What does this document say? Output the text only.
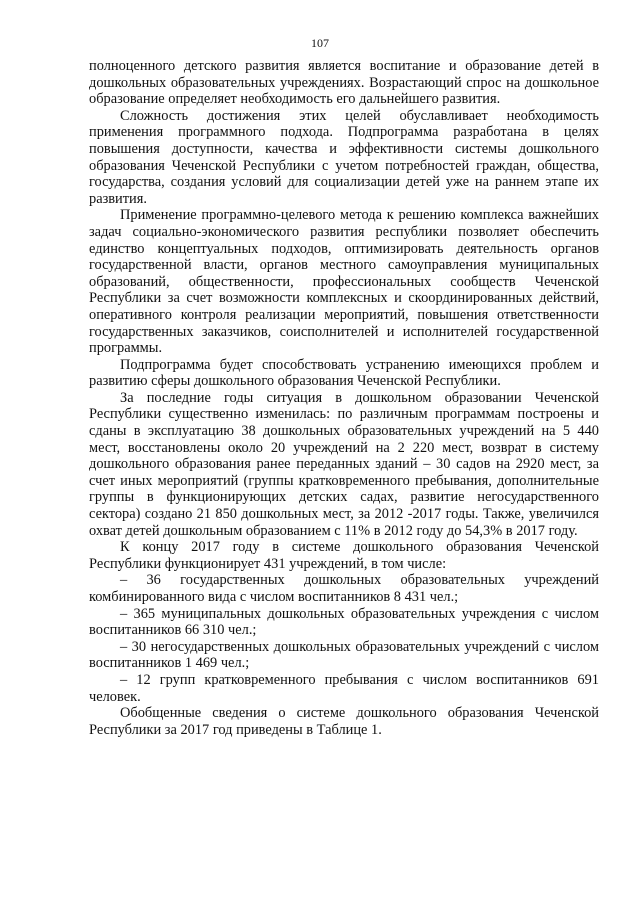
107

полноценного детского развития является воспитание и образование детей в дошкольных образовательных учреждениях. Возрастающий спрос на дошкольное образование определяет необходимость его дальнейшего развития.

Сложность достижения этих целей обуславливает необходимость применения программного подхода. Подпрограмма разработана в целях повышения доступности, качества и эффективности системы дошкольного образования Чеченской Республики с учетом потребностей граждан, общества, государства, создания условий для социализации детей уже на раннем этапе их развития.

Применение программно-целевого метода к решению комплекса важнейших задач социально-экономического развития республики позволяет обеспечить единство концептуальных подходов, оптимизировать деятельность органов государственной власти, органов местного самоуправления муниципальных образований, общественности, профессиональных сообществ Чеченской Республики за счет возможности комплексных и скоординированных действий, оперативного контроля реализации мероприятий, повышения ответственности государственных заказчиков, соисполнителей и исполнителей государственной программы.

Подпрограмма будет способствовать устранению имеющихся проблем и развитию сферы дошкольного образования Чеченской Республики.

За последние годы ситуация в дошкольном образовании Чеченской Республики существенно изменилась: по различным программам построены и сданы в эксплуатацию 38 дошкольных образовательных учреждений на 5 440 мест, восстановлены около 20 учреждений на 2 220 мест, возврат в систему дошкольного образования ранее переданных зданий – 30 садов на 2920 мест, за счет иных мероприятий (группы кратковременного пребывания, дополнительные группы в функционирующих детских садах, развитие негосударственного сектора) создано 21 850 дошкольных мест, за 2012 -2017 годы. Также, увеличился охват детей дошкольным образованием с 11% в 2012 году до 54,3% в 2017 году.

К концу 2017 году в системе дошкольного образования Чеченской Республики функционирует 431 учреждений, в том числе:

– 36 государственных дошкольных образовательных учреждений комбинированного вида с числом воспитанников 8 431 чел.;

– 365 муниципальных дошкольных образовательных учреждения с числом воспитанников 66 310 чел.;

– 30 негосударственных дошкольных образовательных учреждений с числом воспитанников 1 469 чел.;

– 12 групп кратковременного пребывания с числом воспитанников 691 человек.

Обобщенные сведения о системе дошкольного образования Чеченской Республики за 2017 год приведены в Таблице 1.
